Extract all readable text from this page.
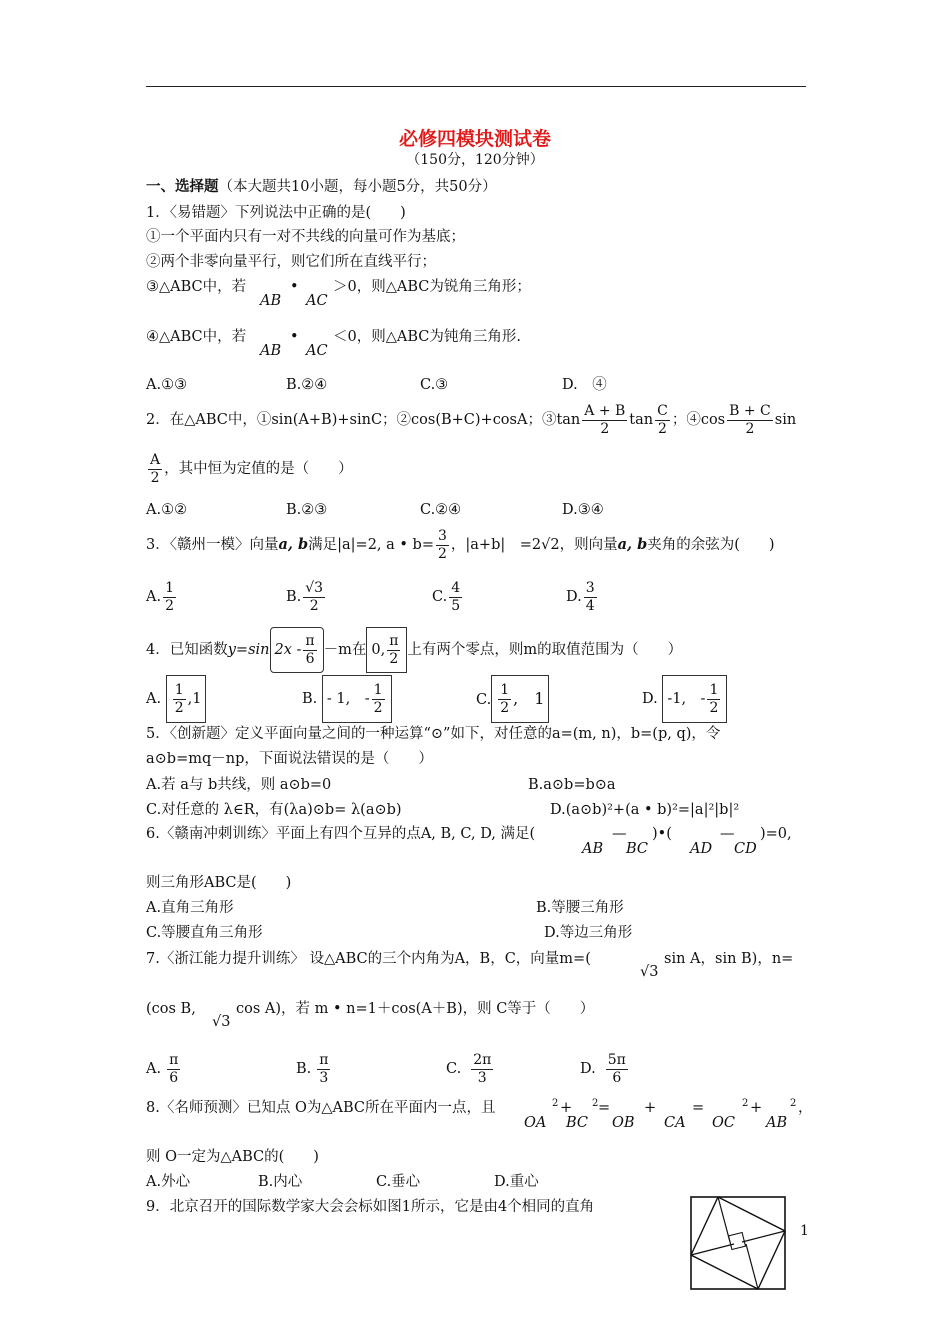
必修四模块测试卷
（150分，120分钟）
一、选择题（本大题共10小题，每小题5分，共50分）
1．〈易错题〉下列说法中正确的是(　　)
①一个平面内只有一对不共线的向量可作为基底；
②两个非零向量平行，则它们所在直线平行；
③△ABC中，若
AB
•
AC
＞0，则△ABC为锐角三角形；
④△ABC中，若
AB
•
AC
＜0，则△ABC为钝角三角形.
A.①③	B.②④	C.③	D.　④
2．在△ABC中，①sin(A+B)+sinC；②cos(B+C)+cosA；③tan $\frac{A + B}{2}$ $\tan \frac{C}{2}$ ；④cos $\frac{B + C}{2}$ sin
$\frac{A}{2}$ ，其中恒为定值的是（　　）
A.①②	B.②③	C.②④	D.③④
3．〈赣州一模〉向量a, b满足|a|=2, a • $b= \frac{3}{2}$ ，|a+b|　=2√2，则向量a, b夹角的余弦为(　　)
A. $\frac{1}{2}$	B. $\frac{√3}{2}$	C. $\frac{4}{5}$	D. $\frac{3}{4}$
4．已知函数y=sin $2x - \frac{\pi}{6} -m$在 0, $\frac{\pi}{2}$ 上有两个零点，则m的取值范围为（　　）
A. $\frac{1}{2} ,1$	B. - 1,　- $\frac{1}{2}$	C. $\frac{1}{2}$ ,　1	D. -1,　- $\frac{1}{2}$
5．〈创新题〉定义平面向量之间的一种运算“⊙”如下，对任意的a=(m, n)，b=(p, q)，令
a⊙b=mq－np，下面说法错误的是（　　）
A.若 a与 b共线，则 a⊙b=0	B.a⊙b=b⊙a
C.对任意的 λ∈R，有(λa)⊙b= λ(a⊙b)	D.(a⊙b)²+(a • b)²=|a|²|b|²
6.〈赣南冲刺训练〉平面上有四个互异的点A, B, C, D, 满足(
AB
—
BC
)•(
AD
—
CD
)=0,
则三角形ABC是(　　)
A.直角三角形	B.等腰三角形
C.等腰直角三角形	D.等边三角形
7.〈浙江能力提升训练〉 设△ABC的三个内角为A，B，C，向量m=(
√3
sin A，sin B)，n=
(cos B,
√3
cos A)，若 m • n=1＋cos(A＋B)，则 C等于（　　）
A. $\frac{\pi}{6}$	B. $\frac{\pi}{3}$	C. $\frac{2\pi}{3}$	D. $\frac{5\pi}{6}$
8.〈名师预测〉已知点 O为△ABC所在平面内一点，且
OA
2 +
BC
2 =
OB
+
CA
=
OC
2 +
AB
2 ，
则 O一定为△ABC的(　　)
A.外心	B.内心	C.垂心	D.重心
9．北京召开的国际数学家大会会标如图1所示，它是由4个相同的直角
1
